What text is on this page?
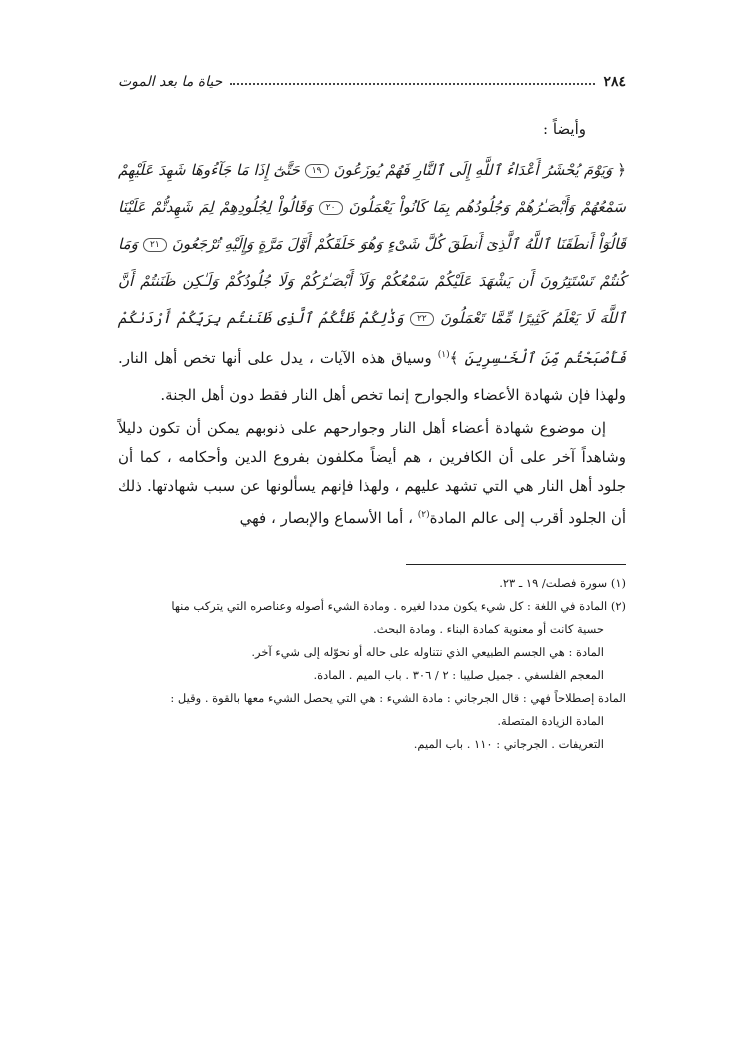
٢٨٤
حياة ما بعد الموت

وأيضاً :

﴿ وَيَوْمَ يُحْشَرُ أَعْدَاءُ ٱللَّهِ إِلَى ٱلنَّارِ فَهُمْ يُوزَعُونَ ١٩ حَتَّىٰٓ إِذَا مَا جَآءُوهَا شَهِدَ عَلَيْهِمْ سَمْعُهُمْ وَأَبْصَـٰرُهُمْ وَجُلُودُهُم بِمَا كَانُواْ يَعْمَلُونَ ٢٠ وَقَالُواْ لِجُلُودِهِمْ لِمَ شَهِدتُّمْ عَلَيْنَا قَالُوٓاْ أَنطَقَنَا ٱللَّهُ ٱلَّذِىٓ أَنطَقَ كُلَّ شَىْءٍ وَهُوَ خَلَقَكُمْ أَوَّلَ مَرَّةٍ وَإِلَيْهِ تُرْجَعُونَ ٢١ وَمَا كُنتُمْ تَسْتَتِرُونَ أَن يَشْهَدَ عَلَيْكُمْ سَمْعُكُمْ وَلَآ أَبْصَـٰرُكُمْ وَلَا جُلُودُكُمْ وَلَـٰكِن ظَنَنتُمْ أَنَّ ٱللَّهَ لَا يَعْلَمُ كَثِيرًا مِّمَّا تَعْمَلُونَ ٢٢ وَذَٰلِكُمْ ظَنُّكُمُ ٱلَّذِى ظَنَنتُم بِرَبِّكُمْ أَرْدَىٰكُمْ فَأَصْبَحْتُم مِّنَ ٱلْخَـٰسِرِينَ ﴾$^{(١)}$ وسياق هذه الآيات ، يدل على أنها تخص أهل النار. ولهذا فإن شهادة الأعضاء والجوارح إنما تخص أهل النار فقط دون أهل الجنة.

إن موضوع شهادة أعضاء أهل النار وجوارحهم على ذنوبهم يمكن أن تكون دليلاً وشاهداً آخر على أن الكافرين ، هم أيضاً مكلفون بفروع الدين وأحكامه ، كما أن جلود أهل النار هي التي تشهد عليهم ، ولهذا فإنهم يسألونها عن سبب شهادتها. ذلك أن الجلود أقرب إلى عالم المادة$^{(٢)}$ ، أما الأسماع والإبصار ، فهي

(١) سورة فصلت/ ١٩ ـ ٢٣.

(٢) المادة في اللغة : كل شيء يكون مددا لغيره . ومادة الشيء أصوله وعناصره التي يتركب منها

حسية كانت أو معنوية كمادة البناء . ومادة البحث.

المادة : هي الجسم الطبيعي الذي نتناوله على حاله أو نحوّله إلى شيء آخر.

المعجم الفلسفي . جميل صليبا : ٢ / ٣٠٦ . باب الميم . المادة.

المادة إصطلاحاً فهي : قال الجرجاني : مادة الشيء : هي التي يحصل الشيء معها بالقوة . وقيل :

المادة الزيادة المتصلة.

التعريفات . الجرجاني : ١١٠ . باب الميم.
